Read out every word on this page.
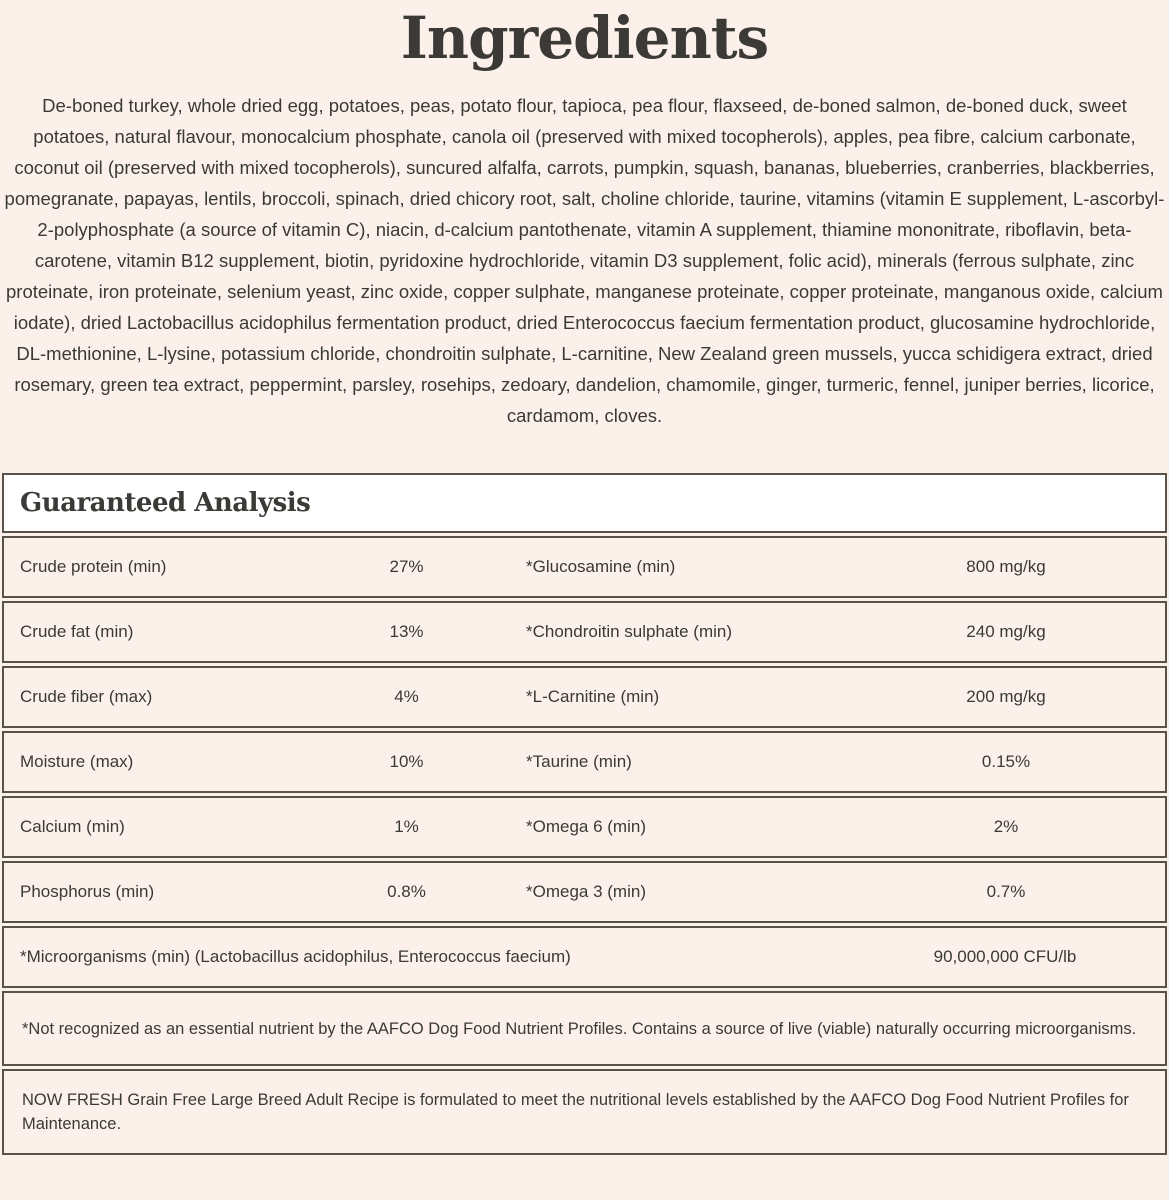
Ingredients

De-boned turkey, whole dried egg, potatoes, peas, potato flour, tapioca, pea flour, flaxseed, de-boned salmon, de-boned duck, sweet potatoes, natural flavour, monocalcium phosphate, canola oil (preserved with mixed tocopherols), apples, pea fibre, calcium carbonate, coconut oil (preserved with mixed tocopherols), suncured alfalfa, carrots, pumpkin, squash, bananas, blueberries, cranberries, blackberries, pomegranate, papayas, lentils, broccoli, spinach, dried chicory root, salt, choline chloride, taurine, vitamins (vitamin E supplement, L-ascorbyl-2-polyphosphate (a source of vitamin C), niacin, d-calcium pantothenate, vitamin A supplement, thiamine mononitrate, riboflavin, beta-carotene, vitamin B12 supplement, biotin, pyridoxine hydrochloride, vitamin D3 supplement, folic acid), minerals (ferrous sulphate, zinc proteinate, iron proteinate, selenium yeast, zinc oxide, copper sulphate, manganese proteinate, copper proteinate, manganous oxide, calcium iodate), dried Lactobacillus acidophilus fermentation product, dried Enterococcus faecium fermentation product, glucosamine hydrochloride, DL-methionine, L-lysine, potassium chloride, chondroitin sulphate, L-carnitine, New Zealand green mussels, yucca schidigera extract, dried rosemary, green tea extract, peppermint, parsley, rosehips, zedoary, dandelion, chamomile, ginger, turmeric, fennel, juniper berries, licorice, cardamom, cloves.

Guaranteed Analysis
Crude protein (min)	27%	*Glucosamine (min)	800 mg/kg
Crude fat (min)	13%	*Chondroitin sulphate (min)	240 mg/kg
Crude fiber (max)	4%	*L-Carnitine (min)	200 mg/kg
Moisture (max)	10%	*Taurine (min)	0.15%
Calcium (min)	1%	*Omega 6 (min)	2%
Phosphorus (min)	0.8%	*Omega 3 (min)	0.7%
*Microorganisms (min) (Lactobacillus acidophilus, Enterococcus faecium)	90,000,000 CFU/lb
*Not recognized as an essential nutrient by the AAFCO Dog Food Nutrient Profiles. Contains a source of live (viable) naturally occurring microorganisms.
NOW FRESH Grain Free Large Breed Adult Recipe is formulated to meet the nutritional levels established by the AAFCO Dog Food Nutrient Profiles for Maintenance.
